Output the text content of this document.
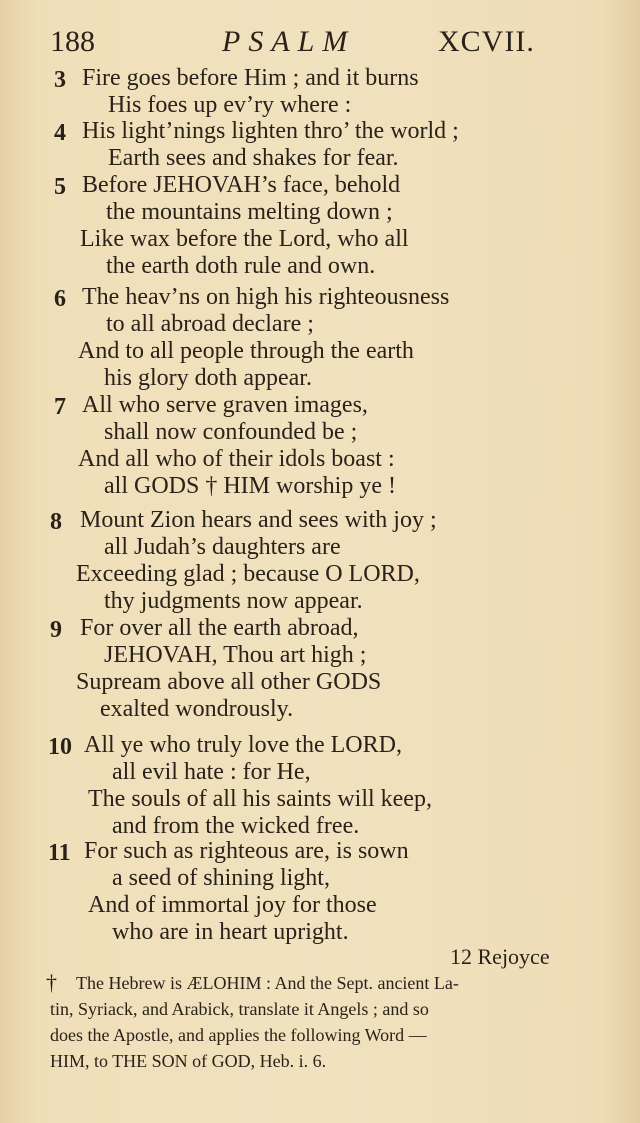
188	PSALM	XCVII.
3 Fire goes before Him ; and it burns
His foes up ev’ry where :
4 His light’nings lighten thro’ the world ;
Earth sees and shakes for fear.
5 Before JEHOVAH’s face, behold
the mountains melting down ;
Like wax before the Lord, who all
the earth doth rule and own.
6 The heav’ns on high his righteousness
to all abroad declare ;
And to all people through the earth
his glory doth appear.
7 All who serve graven images,
shall now confounded be ;
And all who of their idols boast :
all GODS † HIM worship ye !
8 Mount Zion hears and sees with joy ;
all Judah’s daughters are
Exceeding glad ; because O LORD,
thy judgments now appear.
9 For over all the earth abroad,
JEHOVAH, Thou art high ;
Supream above all other GODS
exalted wondrously.
10 All ye who truly love the LORD,
all evil hate : for He,
The souls of all his saints will keep,
and from the wicked free.
11 For such as righteous are, is sown
a seed of shining light,
And of immortal joy for those
who are in heart upright.
12 Rejoyce
† The Hebrew is ÆLOHIM : And the Sept. ancient La-
tin, Syriack, and Arabick, translate it Angels ; and so
does the Apostle, and applies the following Word —
HIM, to THE SON of GOD, Heb. i. 6.
